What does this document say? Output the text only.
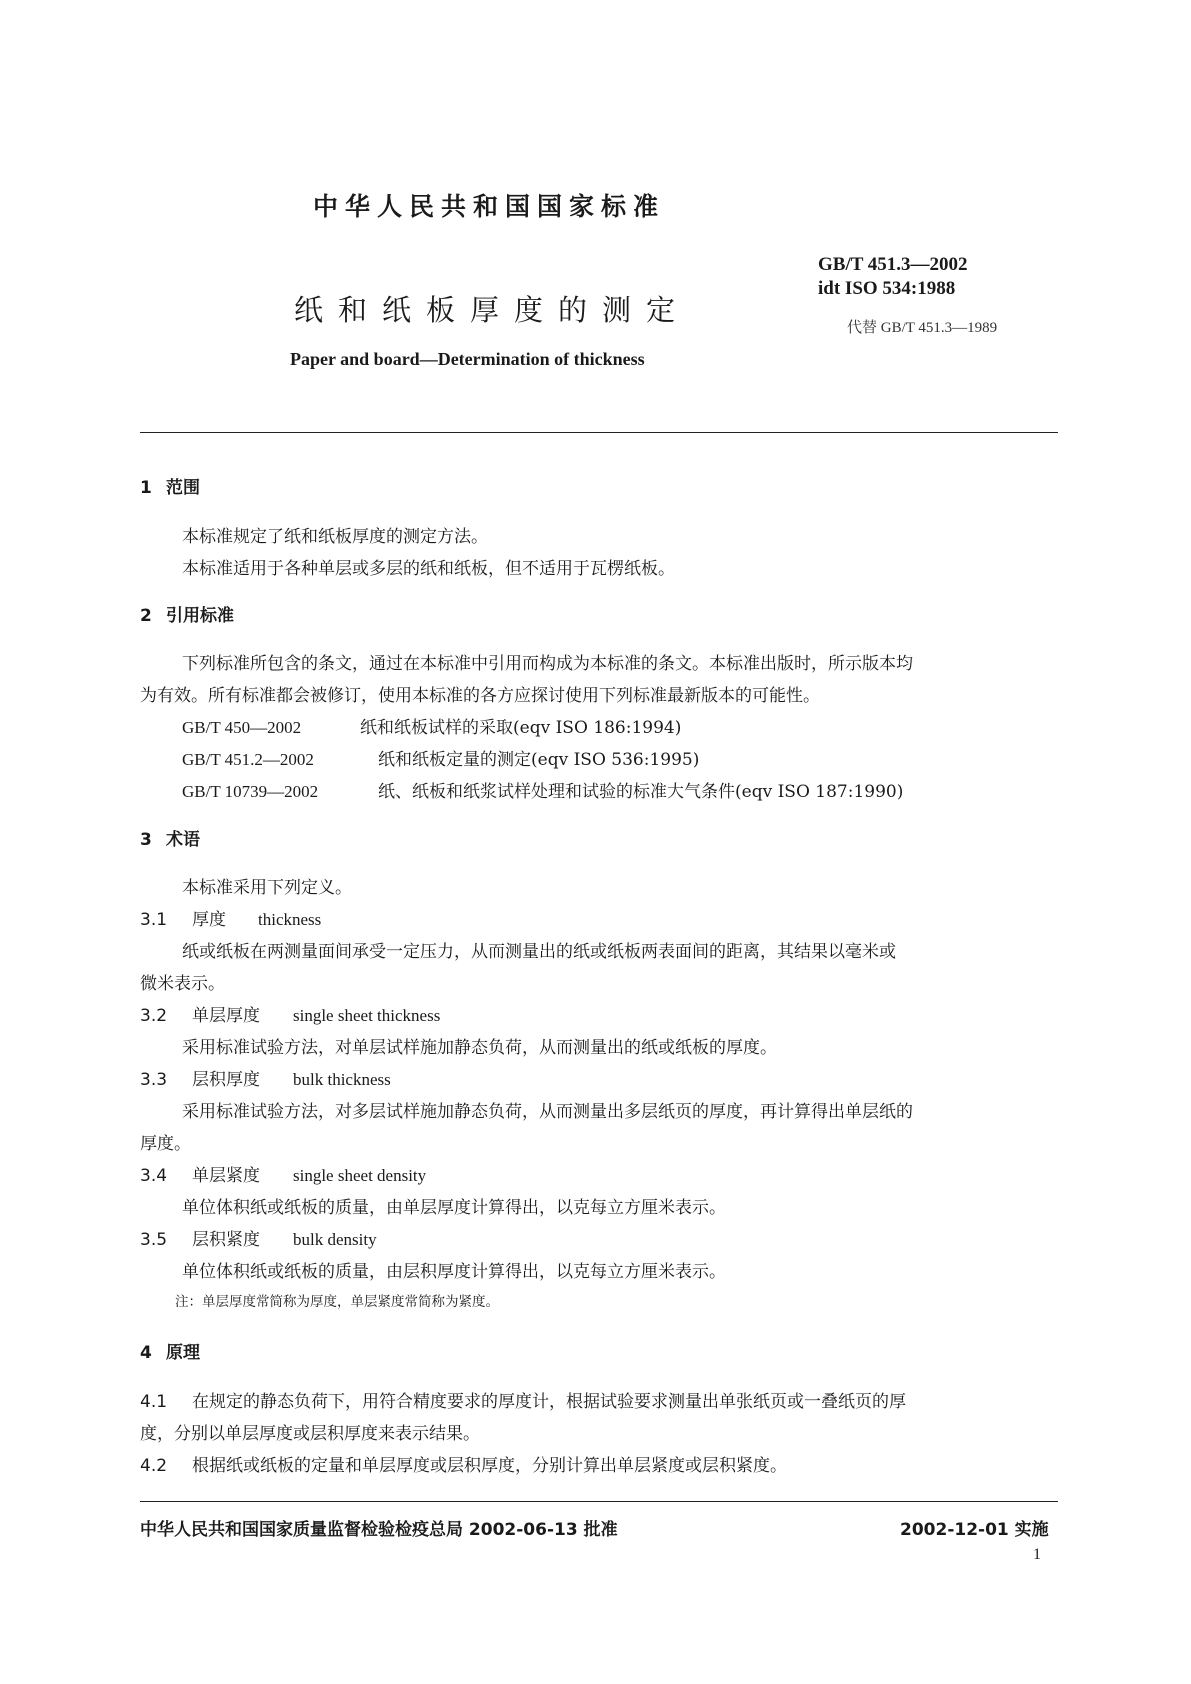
中华人民共和国国家标准
GB/T 451.3—2002
idt ISO 534:1988
代替 GB/T 451.3—1989
纸和纸板厚度的测定
Paper and board—Determination of thickness
1 范围
本标准规定了纸和纸板厚度的测定方法。
本标准适用于各种单层或多层的纸和纸板，但不适用于瓦楞纸板。
2 引用标准
下列标准所包含的条文，通过在本标准中引用而构成为本标准的条文。本标准出版时，所示版本均
为有效。所有标准都会被修订，使用本标准的各方应探讨使用下列标准最新版本的可能性。
GB/T 450—2002	纸和纸板试样的采取(eqv ISO 186:1994)
GB/T 451.2—2002	纸和纸板定量的测定(eqv ISO 536:1995)
GB/T 10739—2002	纸、纸板和纸浆试样处理和试验的标准大气条件(eqv ISO 187:1990)
3 术语
本标准采用下列定义。
3.1 厚度 thickness
纸或纸板在两测量面间承受一定压力，从而测量出的纸或纸板两表面间的距离，其结果以毫米或
微米表示。
3.2 单层厚度 single sheet thickness
采用标准试验方法，对单层试样施加静态负荷，从而测量出的纸或纸板的厚度。
3.3 层积厚度 bulk thickness
采用标准试验方法，对多层试样施加静态负荷，从而测量出多层纸页的厚度，再计算得出单层纸的
厚度。
3.4 单层紧度 single sheet density
单位体积纸或纸板的质量，由单层厚度计算得出，以克每立方厘米表示。
3.5 层积紧度 bulk density
单位体积纸或纸板的质量，由层积厚度计算得出，以克每立方厘米表示。
注：单层厚度常简称为厚度，单层紧度常简称为紧度。
4 原理
4.1 在规定的静态负荷下，用符合精度要求的厚度计，根据试验要求测量出单张纸页或一叠纸页的厚
度，分别以单层厚度或层积厚度来表示结果。
4.2 根据纸或纸板的定量和单层厚度或层积厚度，分别计算出单层紧度或层积紧度。
中华人民共和国国家质量监督检验检疫总局 2002-06-13 批准	2002-12-01 实施
1
